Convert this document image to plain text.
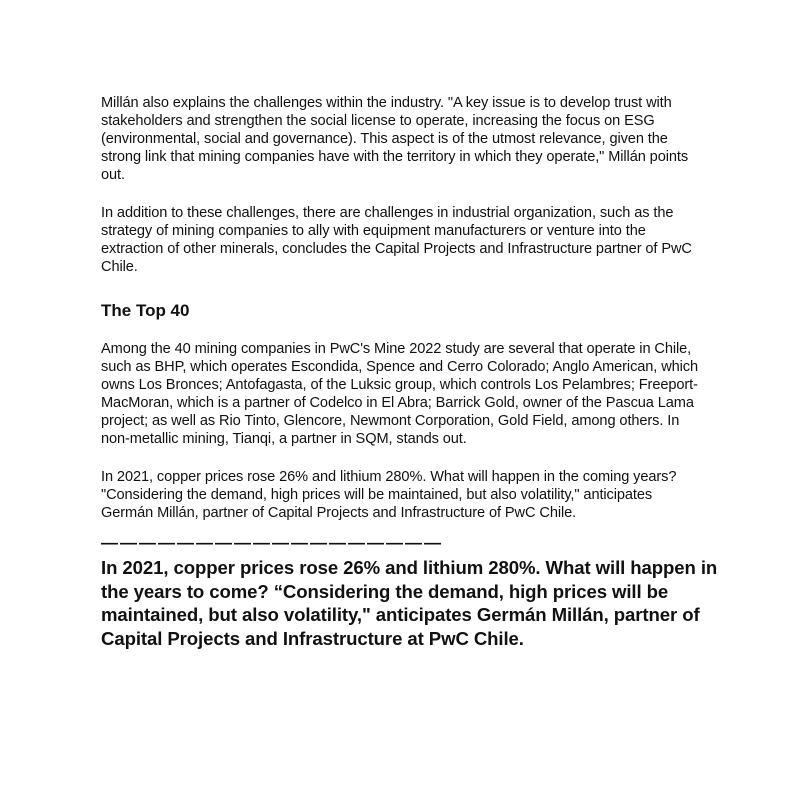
Millán also explains the challenges within the industry. "A key issue is to develop trust with stakeholders and strengthen the social license to operate, increasing the focus on ESG (environmental, social and governance). This aspect is of the utmost relevance, given the strong link that mining companies have with the territory in which they operate," Millán points out.

In addition to these challenges, there are challenges in industrial organization, such as the strategy of mining companies to ally with equipment manufacturers or venture into the extraction of other minerals, concludes the Capital Projects and Infrastructure partner of PwC Chile.

The Top 40

Among the 40 mining companies in PwC's Mine 2022 study are several that operate in Chile, such as BHP, which operates Escondida, Spence and Cerro Colorado; Anglo American, which owns Los Bronces; Antofagasta, of the Luksic group, which controls Los Pelambres; Freeport-MacMoran, which is a partner of Codelco in El Abra; Barrick Gold, owner of the Pascua Lama project; as well as Rio Tinto, Glencore, Newmont Corporation, Gold Field, among others. In non-metallic mining, Tianqi, a partner in SQM, stands out.

In 2021, copper prices rose 26% and lithium 280%. What will happen in the coming years? "Considering the demand, high prices will be maintained, but also volatility," anticipates Germán Millán, partner of Capital Projects and Infrastructure of PwC Chile.

——————————————————

In 2021, copper prices rose 26% and lithium 280%. What will happen in the years to come? “Considering the demand, high prices will be maintained, but also volatility," anticipates Germán Millán, partner of Capital Projects and Infrastructure at PwC Chile.
